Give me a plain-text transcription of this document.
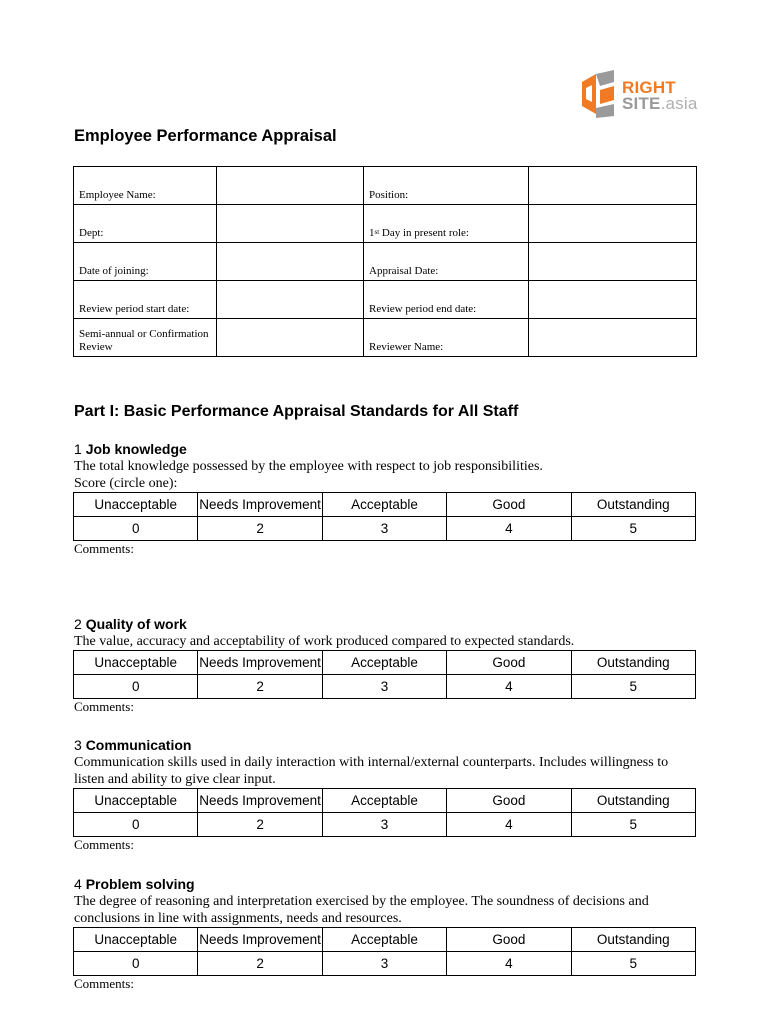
RIGHT
SITE.asia
Employee Performance Appraisal
Employee Name:		Position:	
Dept:		1st Day in present role:	
Date of joining:		Appraisal Date:	
Review period start date:		Review period end date:	
Semi-annual or Confirmation Review		Reviewer Name:	
Part I: Basic Performance Appraisal Standards for All Staff
1 Job knowledge
The total knowledge possessed by the employee with respect to job responsibilities.
Score (circle one):
Unacceptable	Needs Improvement	Acceptable	Good	Outstanding
0	2	3	4	5
Comments:
2 Quality of work
The value, accuracy and acceptability of work produced compared to expected standards.
Unacceptable	Needs Improvement	Acceptable	Good	Outstanding
0	2	3	4	5
Comments:
3 Communication
Communication skills used in daily interaction with internal/external counterparts. Includes willingness to listen and ability to give clear input.
Unacceptable	Needs Improvement	Acceptable	Good	Outstanding
0	2	3	4	5
Comments:
4 Problem solving
The degree of reasoning and interpretation exercised by the employee. The soundness of decisions and conclusions in line with assignments, needs and resources.
Unacceptable	Needs Improvement	Acceptable	Good	Outstanding
0	2	3	4	5
Comments:
